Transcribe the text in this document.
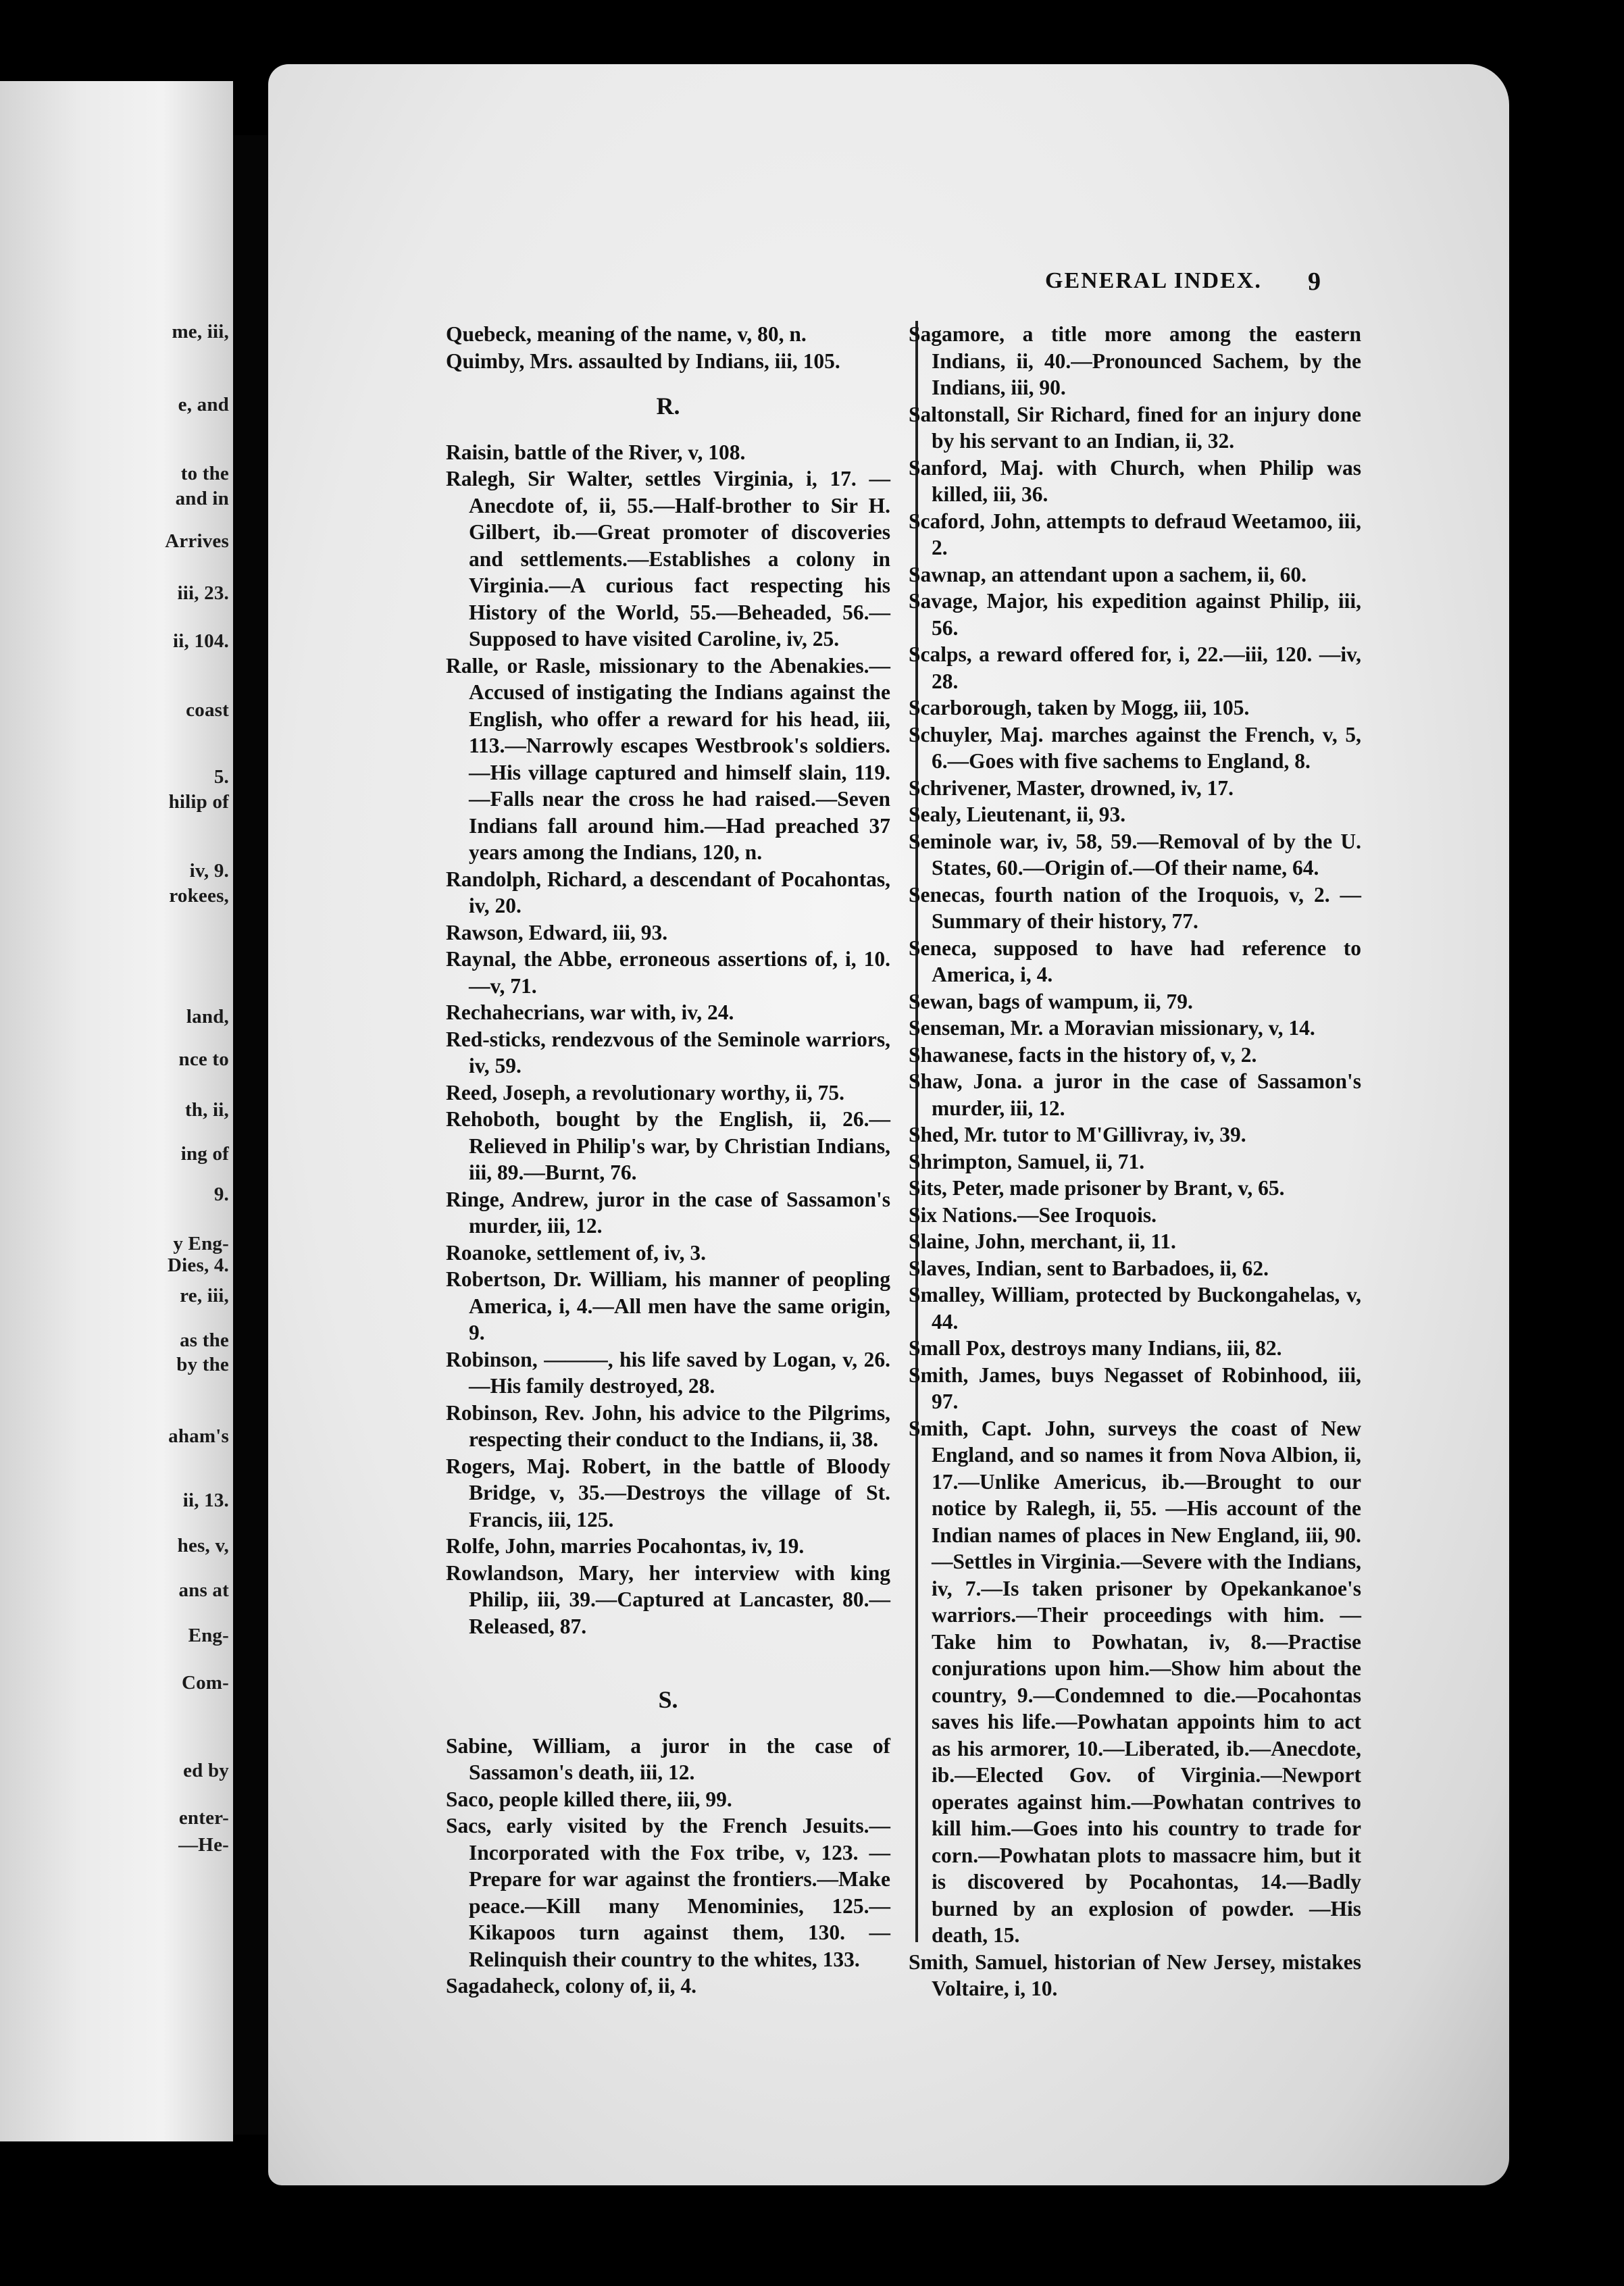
me, iii,
e, and
to the
and in
Arrives
iii, 23.
ii, 104.
coast
5.
hilip of
iv, 9.
rokees,
land,
nce to
th, ii,
ing of
9.
y Eng-
Dies, 4.
re, iii,
as the
by the
aham's
ii, 13.
hes, v,
ans at
Eng-
Com-
ed by
enter-
—He-
GENERAL INDEX. 9

Quebeck, meaning of the name, v, 80, n.

Quimby, Mrs. assaulted by Indians, iii, 105.

R.

Raisin, battle of the River, v, 108.

Ralegh, Sir Walter, settles Virginia, i, 17. —Anecdote of, ii, 55.—Half-brother to Sir H. Gilbert, ib.—Great promoter of discoveries and settlements.—Establishes a colony in Virginia.—A curious fact respecting his History of the World, 55.—Beheaded, 56.—Supposed to have visited Caroline, iv, 25.

Ralle, or Rasle, missionary to the Abenakies.—Accused of instigating the Indians against the English, who offer a reward for his head, iii, 113.—Narrowly escapes Westbrook's soldiers.—His village captured and himself slain, 119.—Falls near the cross he had raised.—Seven Indians fall around him.—Had preached 37 years among the Indians, 120, n.

Randolph, Richard, a descendant of Pocahontas, iv, 20.

Rawson, Edward, iii, 93.

Raynal, the Abbe, erroneous assertions of, i, 10.—v, 71.

Rechahecrians, war with, iv, 24.

Red-sticks, rendezvous of the Seminole warriors, iv, 59.

Reed, Joseph, a revolutionary worthy, ii, 75.

Rehoboth, bought by the English, ii, 26.—Relieved in Philip's war, by Christian Indians, iii, 89.—Burnt, 76.

Ringe, Andrew, juror in the case of Sassamon's murder, iii, 12.

Roanoke, settlement of, iv, 3.

Robertson, Dr. William, his manner of peopling America, i, 4.—All men have the same origin, 9.

Robinson, ———, his life saved by Logan, v, 26.—His family destroyed, 28.

Robinson, Rev. John, his advice to the Pilgrims, respecting their conduct to the Indians, ii, 38.

Rogers, Maj. Robert, in the battle of Bloody Bridge, v, 35.—Destroys the village of St. Francis, iii, 125.

Rolfe, John, marries Pocahontas, iv, 19.

Rowlandson, Mary, her interview with king Philip, iii, 39.—Captured at Lancaster, 80.—Released, 87.

S.

Sabine, William, a juror in the case of Sassamon's death, iii, 12.

Saco, people killed there, iii, 99.

Sacs, early visited by the French Jesuits.—Incorporated with the Fox tribe, v, 123. —Prepare for war against the frontiers.—Make peace.—Kill many Menominies, 125.—Kikapoos turn against them, 130. —Relinquish their country to the whites, 133.

Sagadaheck, colony of, ii, 4.

Sagamore, a title more among the eastern Indians, ii, 40.—Pronounced Sachem, by the Indians, iii, 90.

Saltonstall, Sir Richard, fined for an injury done by his servant to an Indian, ii, 32.

Sanford, Maj. with Church, when Philip was killed, iii, 36.

Scaford, John, attempts to defraud Weetamoo, iii, 2.

Sawnap, an attendant upon a sachem, ii, 60.

Savage, Major, his expedition against Philip, iii, 56.

Scalps, a reward offered for, i, 22.—iii, 120. —iv, 28.

Scarborough, taken by Mogg, iii, 105.

Schuyler, Maj. marches against the French, v, 5, 6.—Goes with five sachems to England, 8.

Schrivener, Master, drowned, iv, 17.

Sealy, Lieutenant, ii, 93.

Seminole war, iv, 58, 59.—Removal of by the U. States, 60.—Origin of.—Of their name, 64.

Senecas, fourth nation of the Iroquois, v, 2. —Summary of their history, 77.

Seneca, supposed to have had reference to America, i, 4.

Sewan, bags of wampum, ii, 79.

Senseman, Mr. a Moravian missionary, v, 14.

Shawanese, facts in the history of, v, 2.

Shaw, Jona. a juror in the case of Sassamon's murder, iii, 12.

Shed, Mr. tutor to M'Gillivray, iv, 39.

Shrimpton, Samuel, ii, 71.

Sits, Peter, made prisoner by Brant, v, 65.

Six Nations.—See Iroquois.

Slaine, John, merchant, ii, 11.

Slaves, Indian, sent to Barbadoes, ii, 62.

Smalley, William, protected by Buckongahelas, v, 44.

Small Pox, destroys many Indians, iii, 82.

Smith, James, buys Negasset of Robinhood, iii, 97.

Smith, Capt. John, surveys the coast of New England, and so names it from Nova Albion, ii, 17.—Unlike Americus, ib.—Brought to our notice by Ralegh, ii, 55. —His account of the Indian names of places in New England, iii, 90.—Settles in Virginia.—Severe with the Indians, iv, 7.—Is taken prisoner by Opekankanoe's warriors.—Their proceedings with him. —Take him to Powhatan, iv, 8.—Practise conjurations upon him.—Show him about the country, 9.—Condemned to die.—Pocahontas saves his life.—Powhatan appoints him to act as his armorer, 10.—Liberated, ib.—Anecdote, ib.—Elected Gov. of Virginia.—Newport operates against him.—Powhatan contrives to kill him.—Goes into his country to trade for corn.—Powhatan plots to massacre him, but it is discovered by Pocahontas, 14.—Badly burned by an explosion of powder. —His death, 15.

Smith, Samuel, historian of New Jersey, mistakes Voltaire, i, 10.
